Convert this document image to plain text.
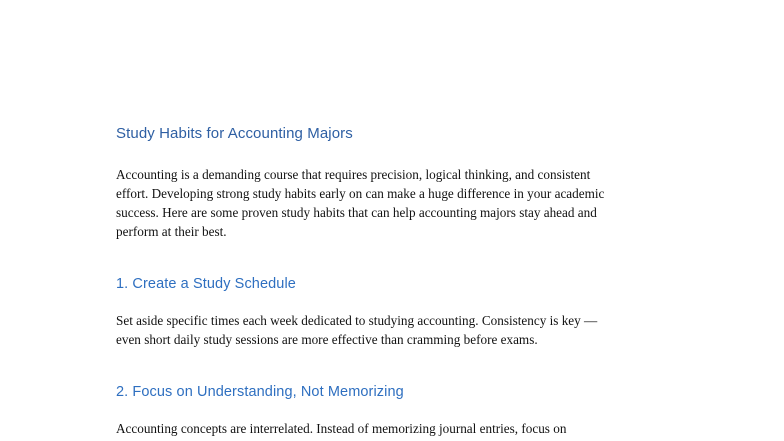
Study Habits for Accounting Majors

Accounting is a demanding course that requires precision, logical thinking, and consistent

effort. Developing strong study habits early on can make a huge difference in your academic

success. Here are some proven study habits that can help accounting majors stay ahead and

perform at their best.

1. Create a Study Schedule

Set aside specific times each week dedicated to studying accounting. Consistency is key —

even short daily study sessions are more effective than cramming before exams.

2. Focus on Understanding, Not Memorizing

Accounting concepts are interrelated. Instead of memorizing journal entries, focus on
